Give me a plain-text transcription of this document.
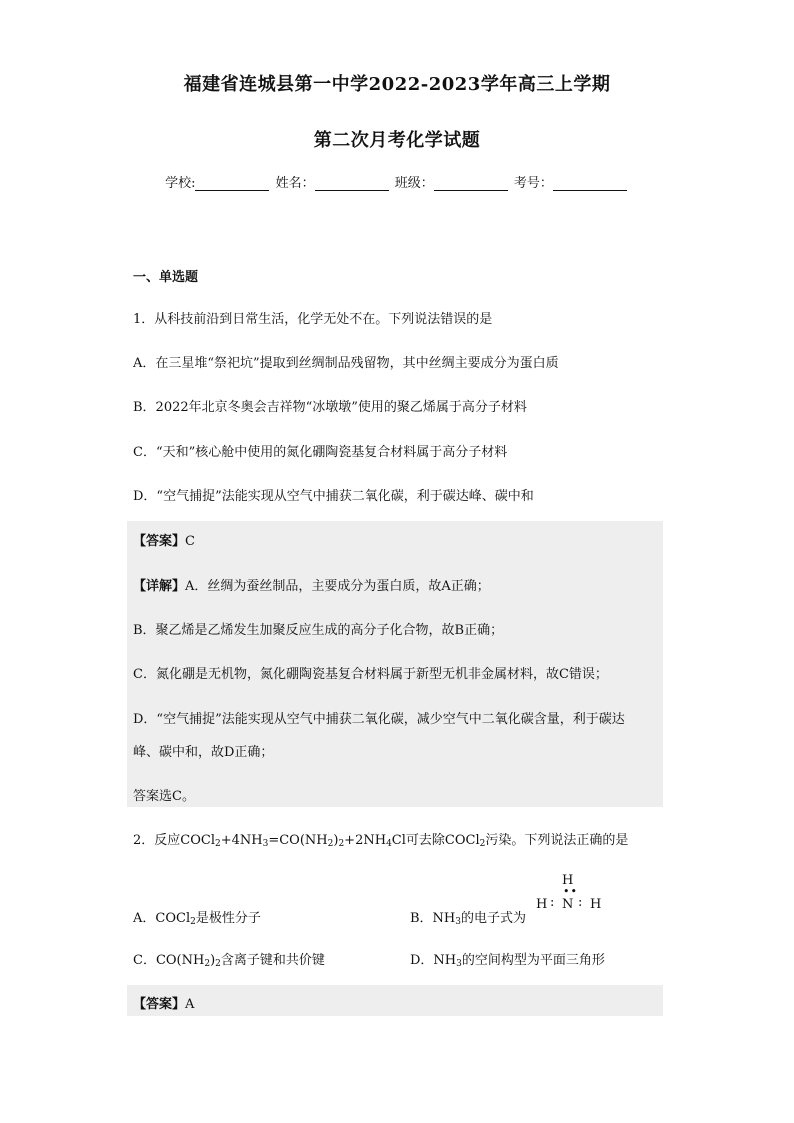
福建省连城县第一中学2022-2023学年高三上学期
第二次月考化学试题
学校:	姓名：	班级：	考号：
一、单选题
1．从科技前沿到日常生活，化学无处不在。下列说法错误的是
A．在三星堆“祭祀坑”提取到丝绸制品残留物，其中丝绸主要成分为蛋白质
B．2022年北京冬奥会吉祥物“冰墩墩”使用的聚乙烯属于高分子材料
C．“天和”核心舱中使用的氮化硼陶瓷基复合材料属于高分子材料
D．“空气捕捉”法能实现从空气中捕获二氧化碳，利于碳达峰、碳中和
【答案】C
【详解】A．丝绸为蚕丝制品，主要成分为蛋白质，故A正确；
B．聚乙烯是乙烯发生加聚反应生成的高分子化合物，故B正确；
C．氮化硼是无机物，氮化硼陶瓷基复合材料属于新型无机非金属材料，故C错误；
D．“空气捕捉”法能实现从空气中捕获二氧化碳，减少空气中二氧化碳含量，利于碳达
峰、碳中和，故D正确；
答案选C。
2．反应$COCl_2+4NH_3=CO(NH_2)_2+2NH_4Cl$可去除COCl$_2$污染。下列说法正确的是
A．COCl$_2$是极性分子	B．$NH_3$的电子式为
H
••
H : N : H
C．$CO(NH_2)_2$含离子键和共价键	D．$NH_3$的空间构型为平面三角形
【答案】A
